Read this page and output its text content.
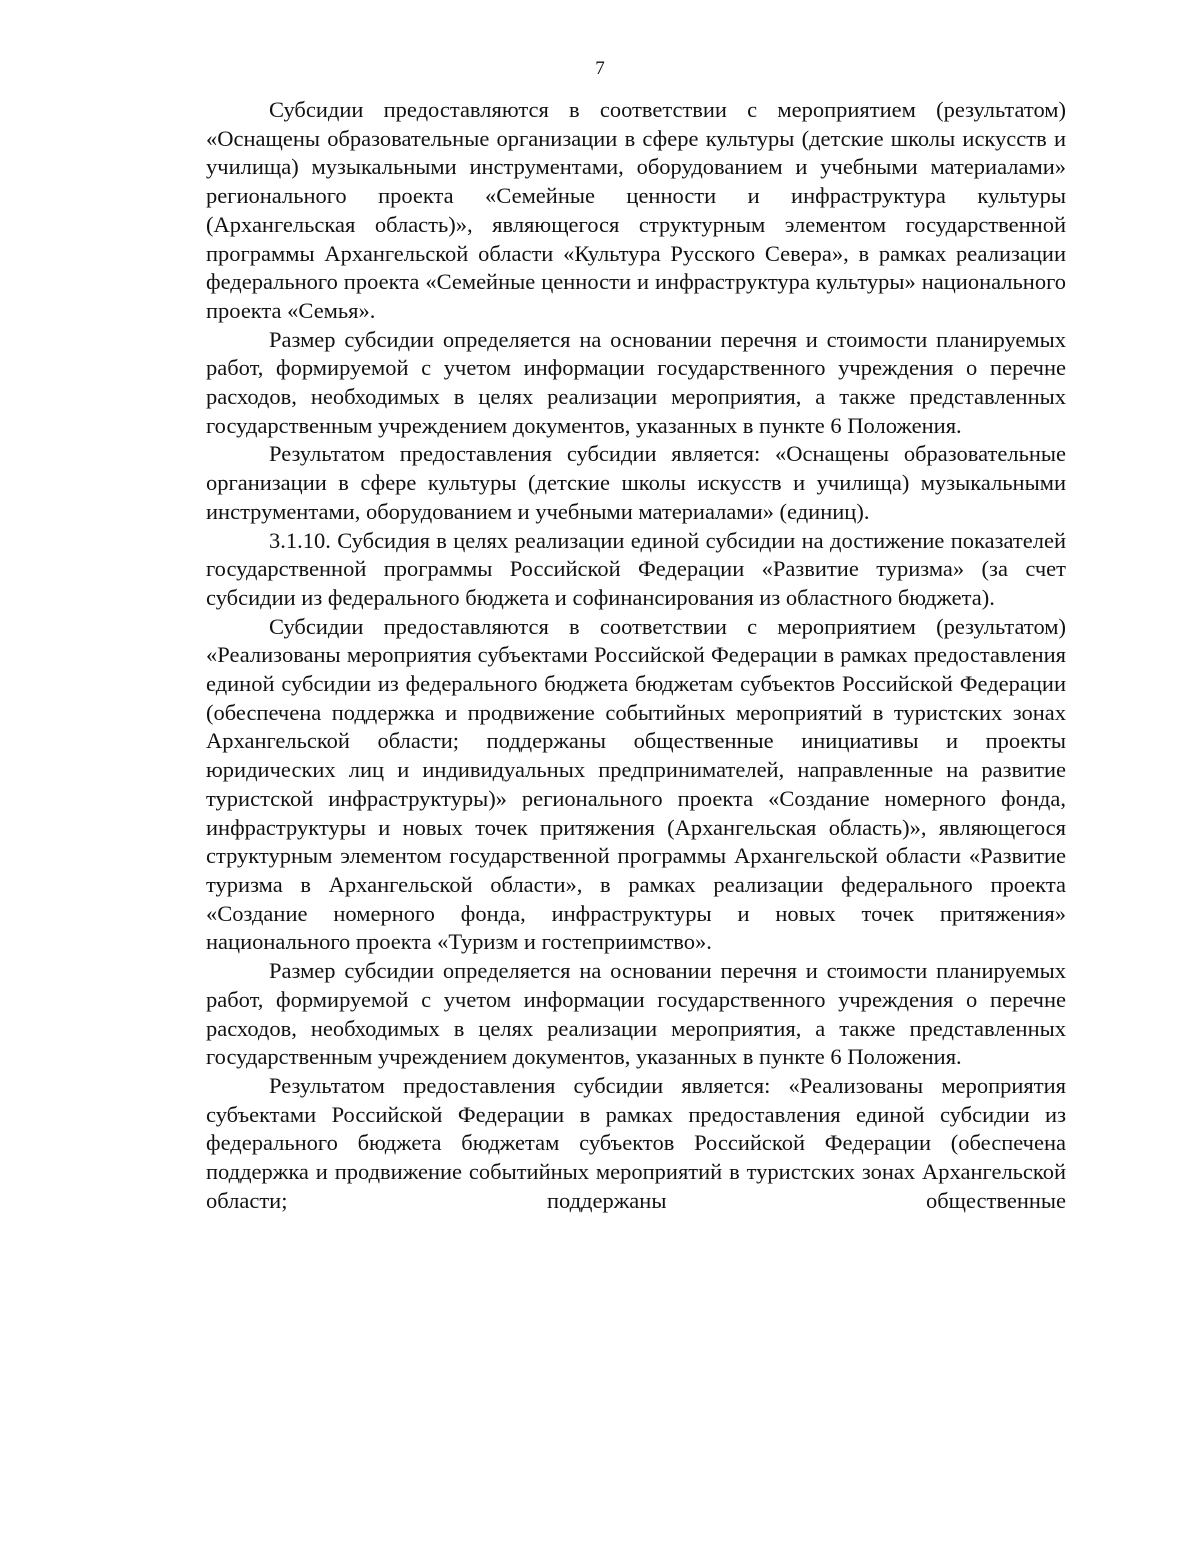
7

Субсидии предоставляются в соответствии с мероприятием (результатом) «Оснащены образовательные организации в сфере культуры (детские школы искусств и училища) музыкальными инструментами, оборудованием и учебными материалами» регионального проекта «Семейные ценности и инфраструктура культуры (Архангельская область)», являющегося структурным элементом государственной программы Архангельской области «Культура Русского Севера», в рамках реализации федерального проекта «Семейные ценности и инфраструктура культуры» национального проекта «Семья».

Размер субсидии определяется на основании перечня и стоимости планируемых работ, формируемой с учетом информации государственного учреждения о перечне расходов, необходимых в целях реализации мероприятия, а также представленных государственным учреждением документов, указанных в пункте 6 Положения.

Результатом предоставления субсидии является: «Оснащены образовательные организации в сфере культуры (детские школы искусств и училища) музыкальными инструментами, оборудованием и учебными материалами» (единиц).

3.1.10. Субсидия в целях реализации единой субсидии на достижение показателей государственной программы Российской Федерации «Развитие туризма» (за счет субсидии из федерального бюджета и софинансирования из областного бюджета).

Субсидии предоставляются в соответствии с мероприятием (результатом) «Реализованы мероприятия субъектами Российской Федерации в рамках предоставления единой субсидии из федерального бюджета бюджетам субъектов Российской Федерации (обеспечена поддержка и продвижение событийных мероприятий в туристских зонах Архангельской области; поддержаны общественные инициативы и проекты юридических лиц и индивидуальных предпринимателей, направленные на развитие туристской инфраструктуры)» регионального проекта «Создание номерного фонда, инфраструктуры и новых точек притяжения (Архангельская область)», являющегося структурным элементом государственной программы Архангельской области «Развитие туризма в Архангельской области», в рамках реализации федерального проекта «Создание номерного фонда, инфраструктуры и новых точек притяжения» национального проекта «Туризм и гостеприимство».

Размер субсидии определяется на основании перечня и стоимости планируемых работ, формируемой с учетом информации государственного учреждения о перечне расходов, необходимых в целях реализации мероприятия, а также представленных государственным учреждением документов, указанных в пункте 6 Положения.

Результатом предоставления субсидии является: «Реализованы мероприятия субъектами Российской Федерации в рамках предоставления единой субсидии из федерального бюджета бюджетам субъектов Российской Федерации (обеспечена поддержка и продвижение событийных мероприятий в туристских зонах Архангельской области; поддержаны общественные
